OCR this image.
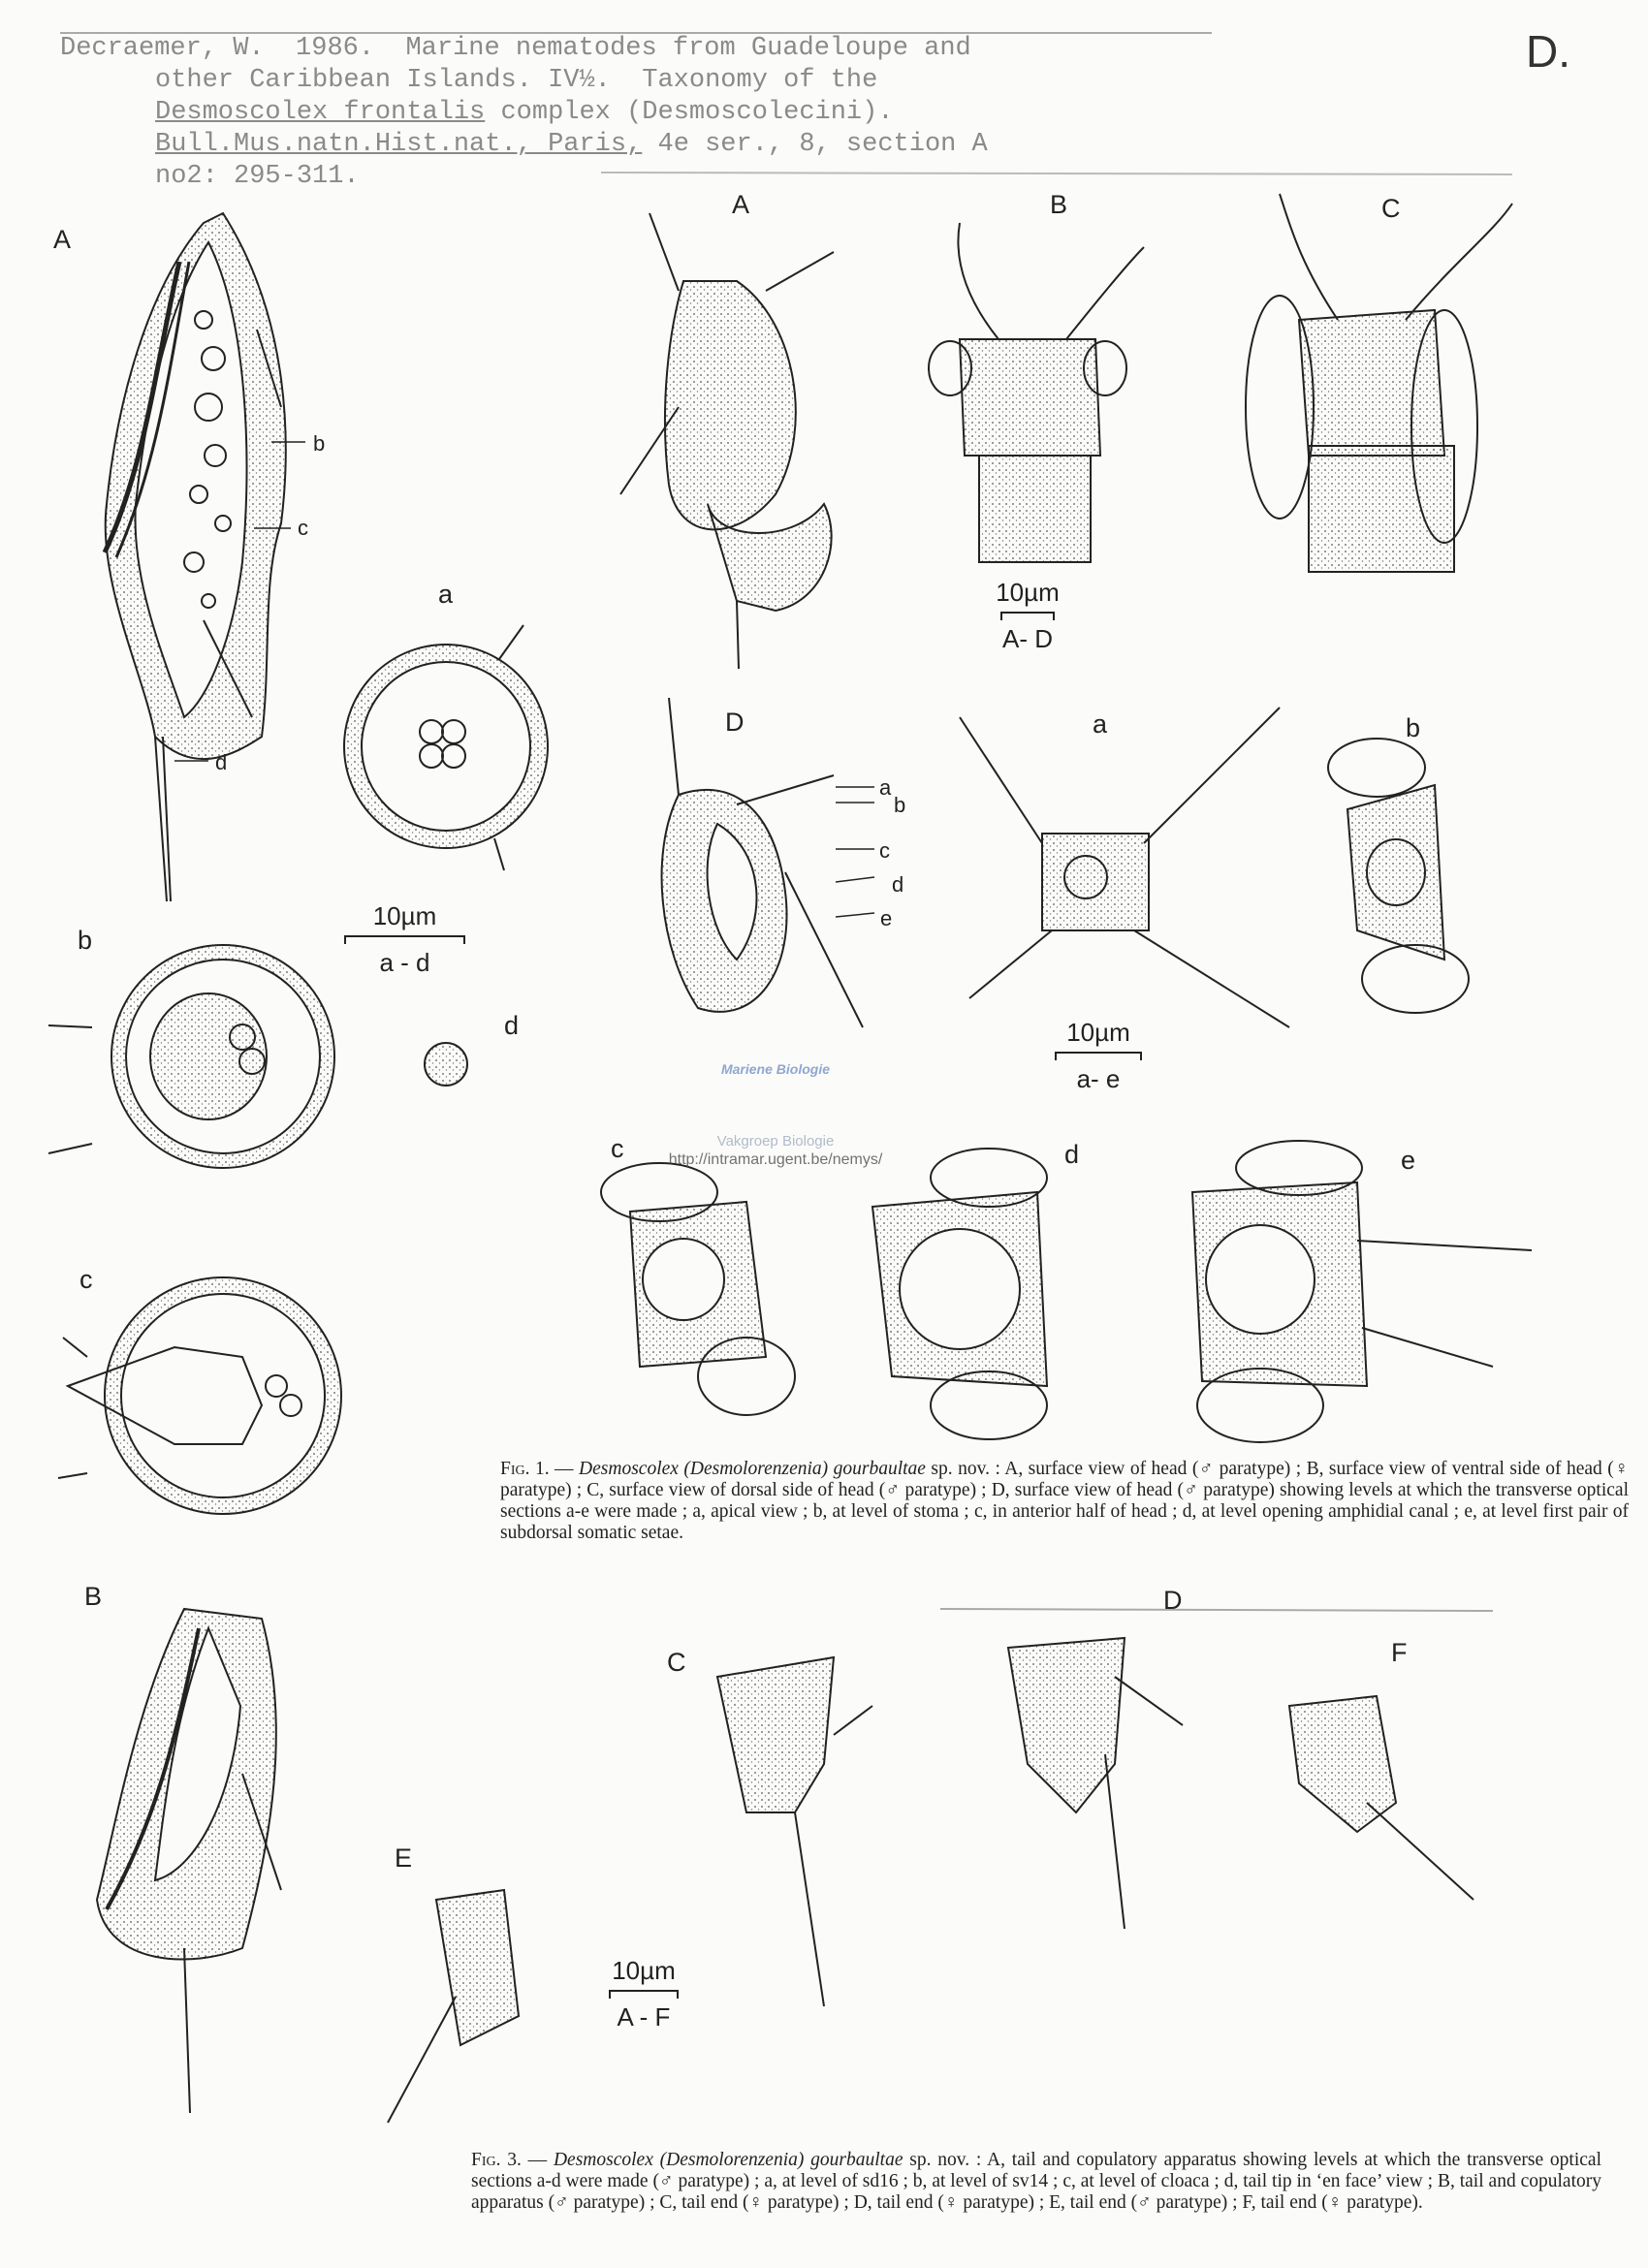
Decraemer, W.  1986.  Marine nematodes from Guadeloupe and
other Caribbean Islands. IV½.  Taxonomy of the
Desmoscolex frontalis complex (Desmoscolecini).
Bull.Mus.natn.Hist.nat., Paris, 4e ser., 8, section A
no2: 295-311.
D.
A
a
b
c
d
b
c
d
10µm
a - d
A	B	C
D	a	b
c	d	e
a
b
c
d
e
10µm
A- D
10µm
a- e
Mariene Biologie
Vakgroep Biologie
http://intramar.ugent.be/nemys/
Fig. 1. — Desmoscolex (Desmolorenzenia) gourbaultae sp. nov. : A, surface view of head (♂ paratype) ; B, surface view of ventral side of head (♀ paratype) ; C, surface view of dorsal side of head (♂ paratype) ; D, surface view of head (♂ paratype) showing levels at which the transverse optical sections a-e were made ; a, apical view ; b, at level of stoma ; c, in anterior half of head ; d, at level opening amphidial canal ; e, at level first pair of subdorsal somatic setae.
B
C
D
E
F
10µm
A - F
Fig. 3. — Desmoscolex (Desmolorenzenia) gourbaultae sp. nov. : A, tail and copulatory apparatus showing levels at which the transverse optical sections a-d were made (♂ paratype) ; a, at level of sd16 ; b, at level of sv14 ; c, at level of cloaca ; d, tail tip in ‘en face’ view ; B, tail and copulatory apparatus (♂ paratype) ; C, tail end (♀ paratype) ; D, tail end (♀ paratype) ; E, tail end (♂ paratype) ; F, tail end (♀ paratype).
